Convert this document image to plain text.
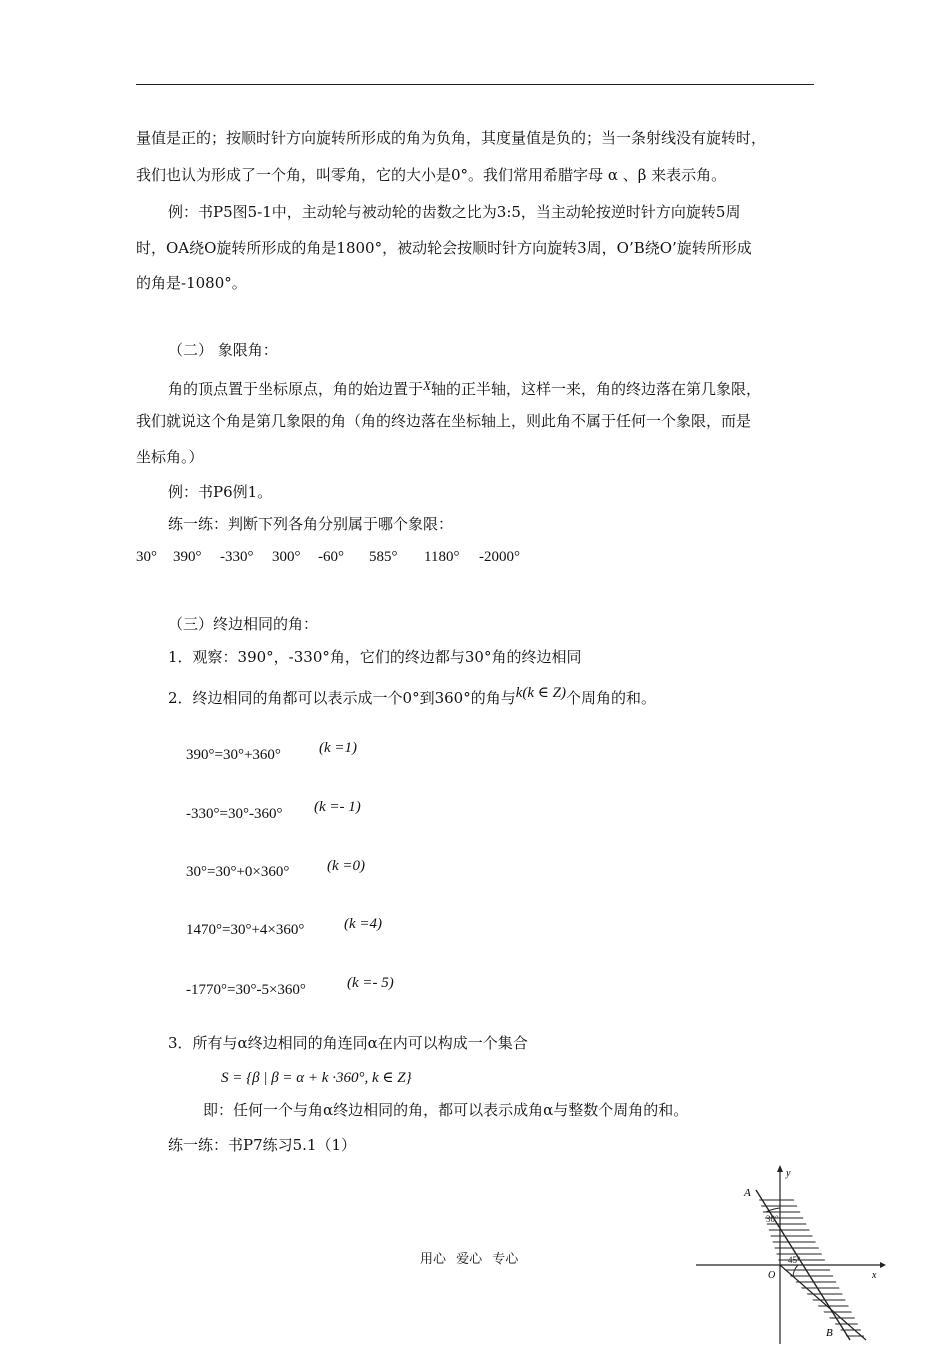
量值是正的；按顺时针方向旋转所形成的角为负角，其度量值是负的；当一条射线没有旋转时，
我们也认为形成了一个角，叫零角，它的大小是0°。我们常用希腊字母 α 、β 来表示角。
例：书P5图5-1中，主动轮与被动轮的齿数之比为3:5，当主动轮按逆时针方向旋转5周
时，OA绕O旋转所形成的角是1800°，被动轮会按顺时针方向旋转3周，O’B绕O’旋转所形成
的角是-1080°。
（二） 象限角：
角的顶点置于坐标原点，角的始边置于X轴的正半轴，这样一来，角的终边落在第几象限，
我们就说这个角是第几象限的角（角的终边落在坐标轴上，则此角不属于任何一个象限，而是
坐标角。）
例：书P6例1。
练一练：判断下列各角分别属于哪个象限：
30° 390° -330° 300° -60° 585° 1180° -2000°
（三）终边相同的角：
1．观察：390°，-330°角，它们的终边都与30°角的终边相同
2．终边相同的角都可以表示成一个0°到360°的角与k(k ∈ Z)个周角的和。
390°=30°+360°	(k =1)
-330°=30°-360° (k =- 1)
30°=30°+0×360°	(k =0)
1470°=30°+4×360°	(k =4)
-1770°=30°-5×360°	(k =- 5)
3．所有与α终边相同的角连同α在内可以构成一个集合
S = {β | β = α + k ·360°, k ∈ Z}
即：任何一个与角α终边相同的角，都可以表示成角α与整数个周角的和。
练一练：书P7练习5.1（1）
用心 爱心 专心
A
B
O	x
y
30°
45°
